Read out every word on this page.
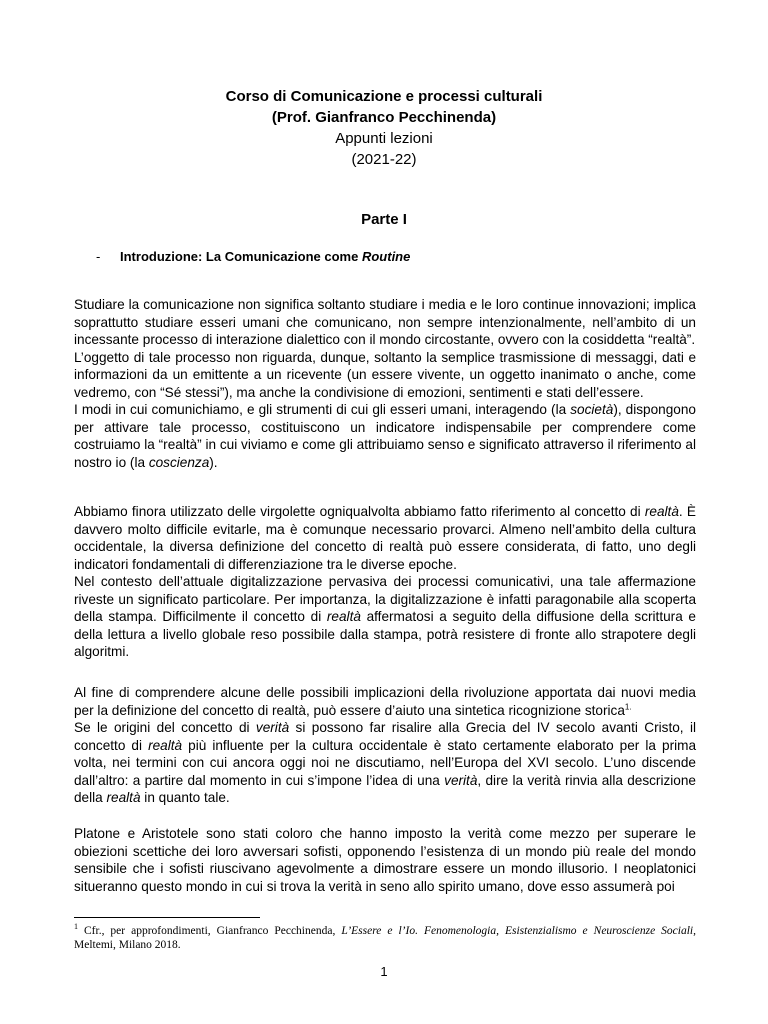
Corso di Comunicazione e processi culturali
(Prof. Gianfranco Pecchinenda)
Appunti lezioni
(2021-22)
Parte I
- Introduzione: La Comunicazione come Routine

Studiare la comunicazione non significa soltanto studiare i media e le loro continue innovazioni; implica soprattutto studiare esseri umani che comunicano, non sempre intenzionalmente, nell’ambito di un incessante processo di interazione dialettico con il mondo circostante, ovvero con la cosiddetta “realtà”.

L’oggetto di tale processo non riguarda, dunque, soltanto la semplice trasmissione di messaggi, dati e informazioni da un emittente a un ricevente (un essere vivente, un oggetto inanimato o anche, come vedremo, con “Sé stessi”), ma anche la condivisione di emozioni, sentimenti e stati dell’essere.

I modi in cui comunichiamo, e gli strumenti di cui gli esseri umani, interagendo (la società), dispongono per attivare tale processo, costituiscono un indicatore indispensabile per comprendere come costruiamo la “realtà” in cui viviamo e come gli attribuiamo senso e significato attraverso il riferimento al nostro io (la coscienza).

Abbiamo finora utilizzato delle virgolette ogniqualvolta abbiamo fatto riferimento al concetto di realtà. È davvero molto difficile evitarle, ma è comunque necessario provarci. Almeno nell’ambito della cultura occidentale, la diversa definizione del concetto di realtà può essere considerata, di fatto, uno degli indicatori fondamentali di differenziazione tra le diverse epoche.

Nel contesto dell’attuale digitalizzazione pervasiva dei processi comunicativi, una tale affermazione riveste un significato particolare. Per importanza, la digitalizzazione è infatti paragonabile alla scoperta della stampa. Difficilmente il concetto di realtà affermatosi a seguito della diffusione della scrittura e della lettura a livello globale reso possibile dalla stampa, potrà resistere di fronte allo strapotere degli algoritmi.

Al fine di comprendere alcune delle possibili implicazioni della rivoluzione apportata dai nuovi media per la definizione del concetto di realtà, può essere d’aiuto una sintetica ricognizione storica$^{1.}$

Se le origini del concetto di verità si possono far risalire alla Grecia del IV secolo avanti Cristo, il concetto di realtà più influente per la cultura occidentale è stato certamente elaborato per la prima volta, nei termini con cui ancora oggi noi ne discutiamo, nell’Europa del XVI secolo. L’uno discende dall’altro: a partire dal momento in cui s’impone l’idea di una verità, dire la verità rinvia alla descrizione della realtà in quanto tale.

Platone e Aristotele sono stati coloro che hanno imposto la verità come mezzo per superare le obiezioni scettiche dei loro avversari sofisti, opponendo l’esistenza di un mondo più reale del mondo sensibile che i sofisti riuscivano agevolmente a dimostrare essere un mondo illusorio. I neoplatonici situeranno questo mondo in cui si trova la verità in seno allo spirito umano, dove esso assumerà poi

$^1$ Cfr., per approfondimenti, Gianfranco Pecchinenda, L’Essere e l’Io. Fenomenologia, Esistenzialismo e Neuroscienze Sociali, Meltemi, Milano 2018.
1
